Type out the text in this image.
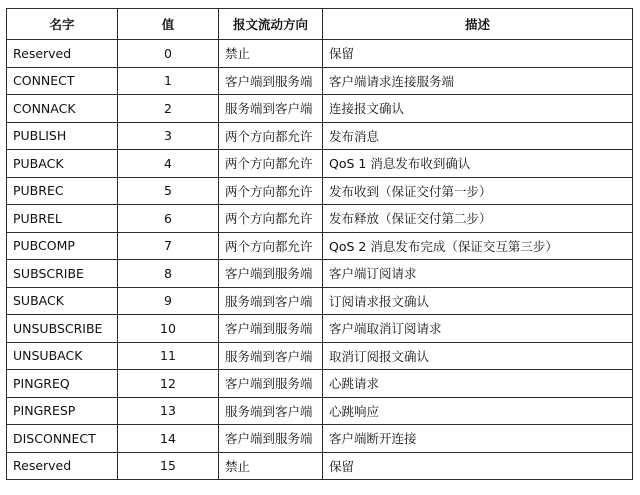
名字	值	报文流动方向	描述
Reserved	0	禁止	保留
CONNECT	1	客户端到服务端	客户端请求连接服务端
CONNACK	2	服务端到客户端	连接报文确认
PUBLISH	3	两个方向都允许	发布消息
PUBACK	4	两个方向都允许	QoS 1 消息发布收到确认
PUBREC	5	两个方向都允许	发布收到（保证交付第一步）
PUBREL	6	两个方向都允许	发布释放（保证交付第二步）
PUBCOMP	7	两个方向都允许	QoS 2 消息发布完成（保证交互第三步）
SUBSCRIBE	8	客户端到服务端	客户端订阅请求
SUBACK	9	服务端到客户端	订阅请求报文确认
UNSUBSCRIBE	10	客户端到服务端	客户端取消订阅请求
UNSUBACK	11	服务端到客户端	取消订阅报文确认
PINGREQ	12	客户端到服务端	心跳请求
PINGRESP	13	服务端到客户端	心跳响应
DISCONNECT	14	客户端到服务端	客户端断开连接
Reserved	15	禁止	保留
